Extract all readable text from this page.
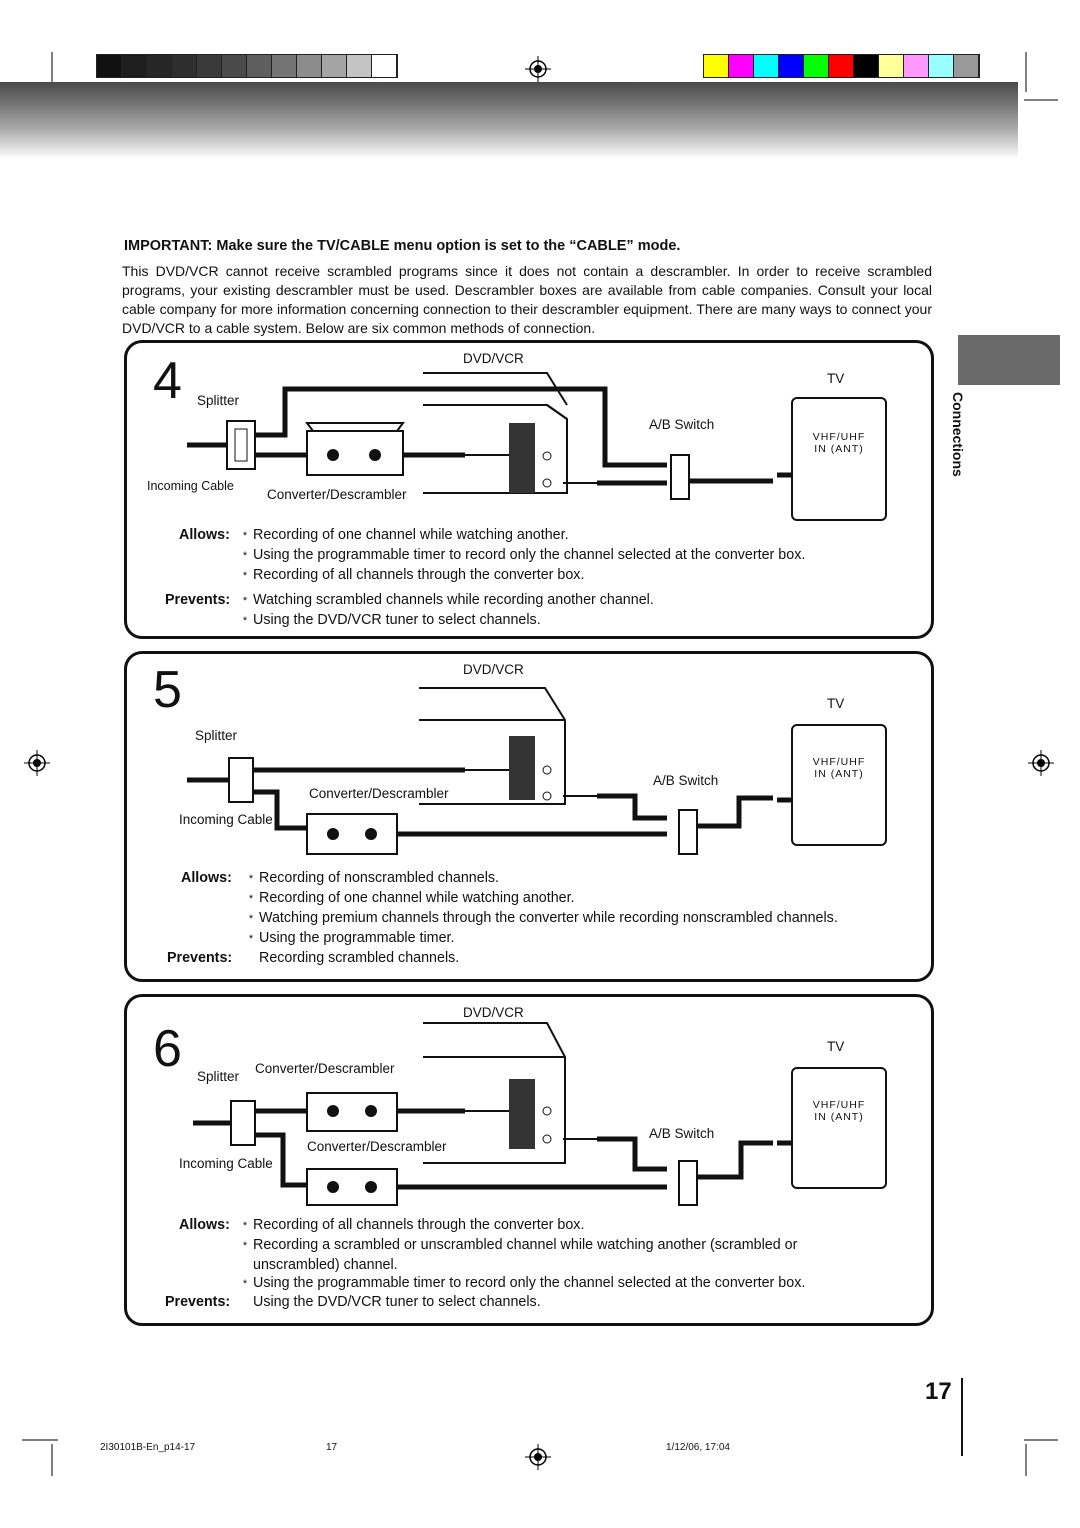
IMPORTANT: Make sure the TV/CABLE menu option is set to the “CABLE” mode.
This DVD/VCR cannot receive scrambled programs since it does not contain a descrambler. In order to receive scrambled programs, your existing descrambler must be used. Descrambler boxes are available from cable companies. Consult your local cable company for more information concerning connection to their descrambler equipment. There are many ways to connect your DVD/VCR to a cable system. Below are six common methods of connection.
Connections
4	DVD/VCR
TV
Splitter
A/B Switch
Incoming Cable
Converter/Descrambler
VHF/UHF
IN (ANT)
Allows:	* Recording of one channel while watching another.
* Using the programmable timer to record only the channel selected at the converter box.
* Recording of all channels through the converter box.
Prevents:	* Watching scrambled channels while recording another channel.
* Using the DVD/VCR tuner to select channels.
5	DVD/VCR
TV
Splitter
A/B Switch
Converter/Descrambler
Incoming Cable
VHF/UHF
IN (ANT)
Allows:	* Recording of nonscrambled channels.
* Recording of one channel while watching another.
* Watching premium channels through the converter while recording nonscrambled channels.
* Using the programmable timer.
Prevents: Recording scrambled channels.
6
DVD/VCR
TV
Converter/Descrambler
Splitter
A/B Switch
Converter/Descrambler
Incoming Cable
VHF/UHF
IN (ANT)
Allows:	* Recording of all channels through the converter box.
* Recording a scrambled or unscrambled channel while watching another (scrambled or
unscrambled) channel.
* Using the programmable timer to record only the channel selected at the converter box.
Prevents: Using the DVD/VCR tuner to select channels.
17
2I30101B-En_p14-17	17	1/12/06, 17:04
